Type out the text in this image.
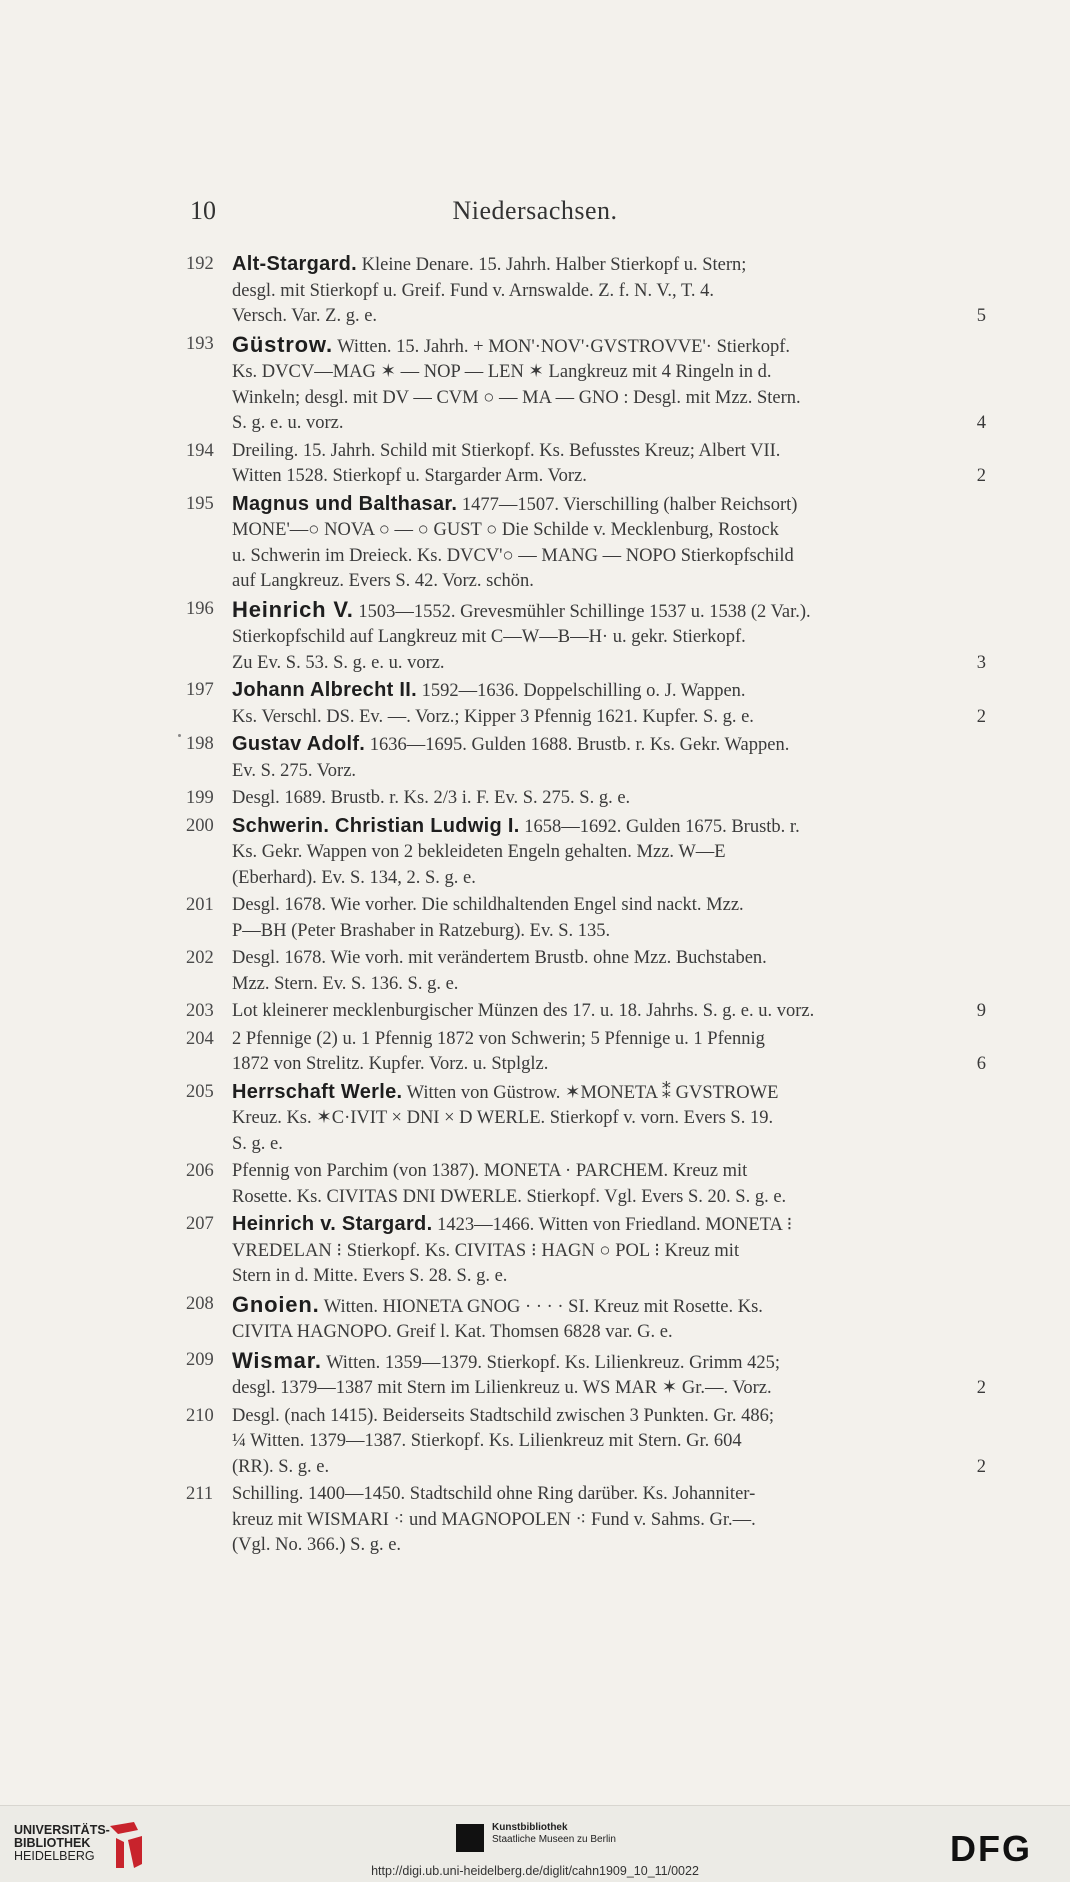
10	Niedersachsen.
192 Alt-Stargard. Kleine Denare. 15. Jahrh. Halber Stierkopf u. Stern;
desgl. mit Stierkopf u. Greif. Fund v. Arnswalde. Z. f. N. V., T. 4.
Versch. Var. Z. g. e.	5
193 Güstrow. Witten. 15. Jahrh. + MON'·NOV'·GVSTROVVE'· Stierkopf.
Ks. DVCV—MAG ✶ — NOP — LEN ✶ Langkreuz mit 4 Ringeln in d.
Winkeln; desgl. mit DV — CVM ○ — MA — GNO : Desgl. mit Mzz. Stern.
S. g. e. u. vorz.	4
194 Dreiling. 15. Jahrh. Schild mit Stierkopf. Ks. Befusstes Kreuz; Albert VII.
Witten 1528. Stierkopf u. Stargarder Arm. Vorz.	2
195 Magnus und Balthasar. 1477—1507. Vierschilling (halber Reichsort)
MONE'—○ NOVA ○ — ○ GUST ○ Die Schilde v. Mecklenburg, Rostock
u. Schwerin im Dreieck. Ks. DVCV'○ — MANG — NOPO Stierkopfschild
auf Langkreuz. Evers S. 42. Vorz. schön.
196 Heinrich V. 1503—1552. Grevesmühler Schillinge 1537 u. 1538 (2 Var.).
Stierkopfschild auf Langkreuz mit C—W—B—H· u. gekr. Stierkopf.
Zu Ev. S. 53. S. g. e. u. vorz.	3
197 Johann Albrecht II. 1592—1636. Doppelschilling o. J. Wappen.
Ks. Verschl. DS. Ev. —. Vorz.; Kipper 3 Pfennig 1621. Kupfer. S. g. e.	2
198 Gustav Adolf. 1636—1695. Gulden 1688. Brustb. r. Ks. Gekr. Wappen.
Ev. S. 275. Vorz.
199 Desgl. 1689. Brustb. r. Ks. 2/3 i. F. Ev. S. 275. S. g. e.
200 Schwerin. Christian Ludwig I. 1658—1692. Gulden 1675. Brustb. r.
Ks. Gekr. Wappen von 2 bekleideten Engeln gehalten. Mzz. W—E
(Eberhard). Ev. S. 134, 2. S. g. e.
201 Desgl. 1678. Wie vorher. Die schildhaltenden Engel sind nackt. Mzz.
P—BH (Peter Brashaber in Ratzeburg). Ev. S. 135.
202 Desgl. 1678. Wie vorh. mit verändertem Brustb. ohne Mzz. Buchstaben.
Mzz. Stern. Ev. S. 136. S. g. e.
203 Lot kleinerer mecklenburgischer Münzen des 17. u. 18. Jahrhs. S. g. e. u. vorz.	9
204 2 Pfennige (2) u. 1 Pfennig 1872 von Schwerin; 5 Pfennige u. 1 Pfennig
1872 von Strelitz. Kupfer. Vorz. u. Stplglz.	6
205 Herrschaft Werle. Witten von Güstrow. ✶MONETA ⁑ GVSTROWE
Kreuz. Ks. ✶C·IVIT × DNI × D WERLE. Stierkopf v. vorn. Evers S. 19.
S. g. e.
206 Pfennig von Parchim (von 1387). MONETA · PARCHEM. Kreuz mit
Rosette. Ks. CIVITAS DNI DWERLE. Stierkopf. Vgl. Evers S. 20. S. g. e.
207 Heinrich v. Stargard. 1423—1466. Witten von Friedland. MONETA ⁝
VREDELAN ⁝ Stierkopf. Ks. CIVITAS ⁝ HAGN ○ POL ⁝ Kreuz mit
Stern in d. Mitte. Evers S. 28. S. g. e.
208 Gnoien. Witten. HIONETA GNOG · · · · SI. Kreuz mit Rosette. Ks.
CIVITA HAGNOPO. Greif l. Kat. Thomsen 6828 var. G. e.
209 Wismar. Witten. 1359—1379. Stierkopf. Ks. Lilienkreuz. Grimm 425;
desgl. 1379—1387 mit Stern im Lilienkreuz u. WS MAR ✶ Gr.—. Vorz.	2
210 Desgl. (nach 1415). Beiderseits Stadtschild zwischen 3 Punkten. Gr. 486;
¼ Witten. 1379—1387. Stierkopf. Ks. Lilienkreuz mit Stern. Gr. 604
(RR). S. g. e.	2
211	Schilling. 1400—1450. Stadtschild ohne Ring darüber. Ks. Johanniter-
kreuz mit WISMARI ⁖ und MAGNOPOLEN ⁖ Fund v. Sahms. Gr.—.
(Vgl. No. 366.) S. g. e.
UNIVERSITÄTS-
BIBLIOTHEK
HEIDELBERG
Kunstbibliothek
Staatliche Museen zu Berlin	DFG
http://digi.ub.uni-heidelberg.de/diglit/cahn1909_10_11/0022
